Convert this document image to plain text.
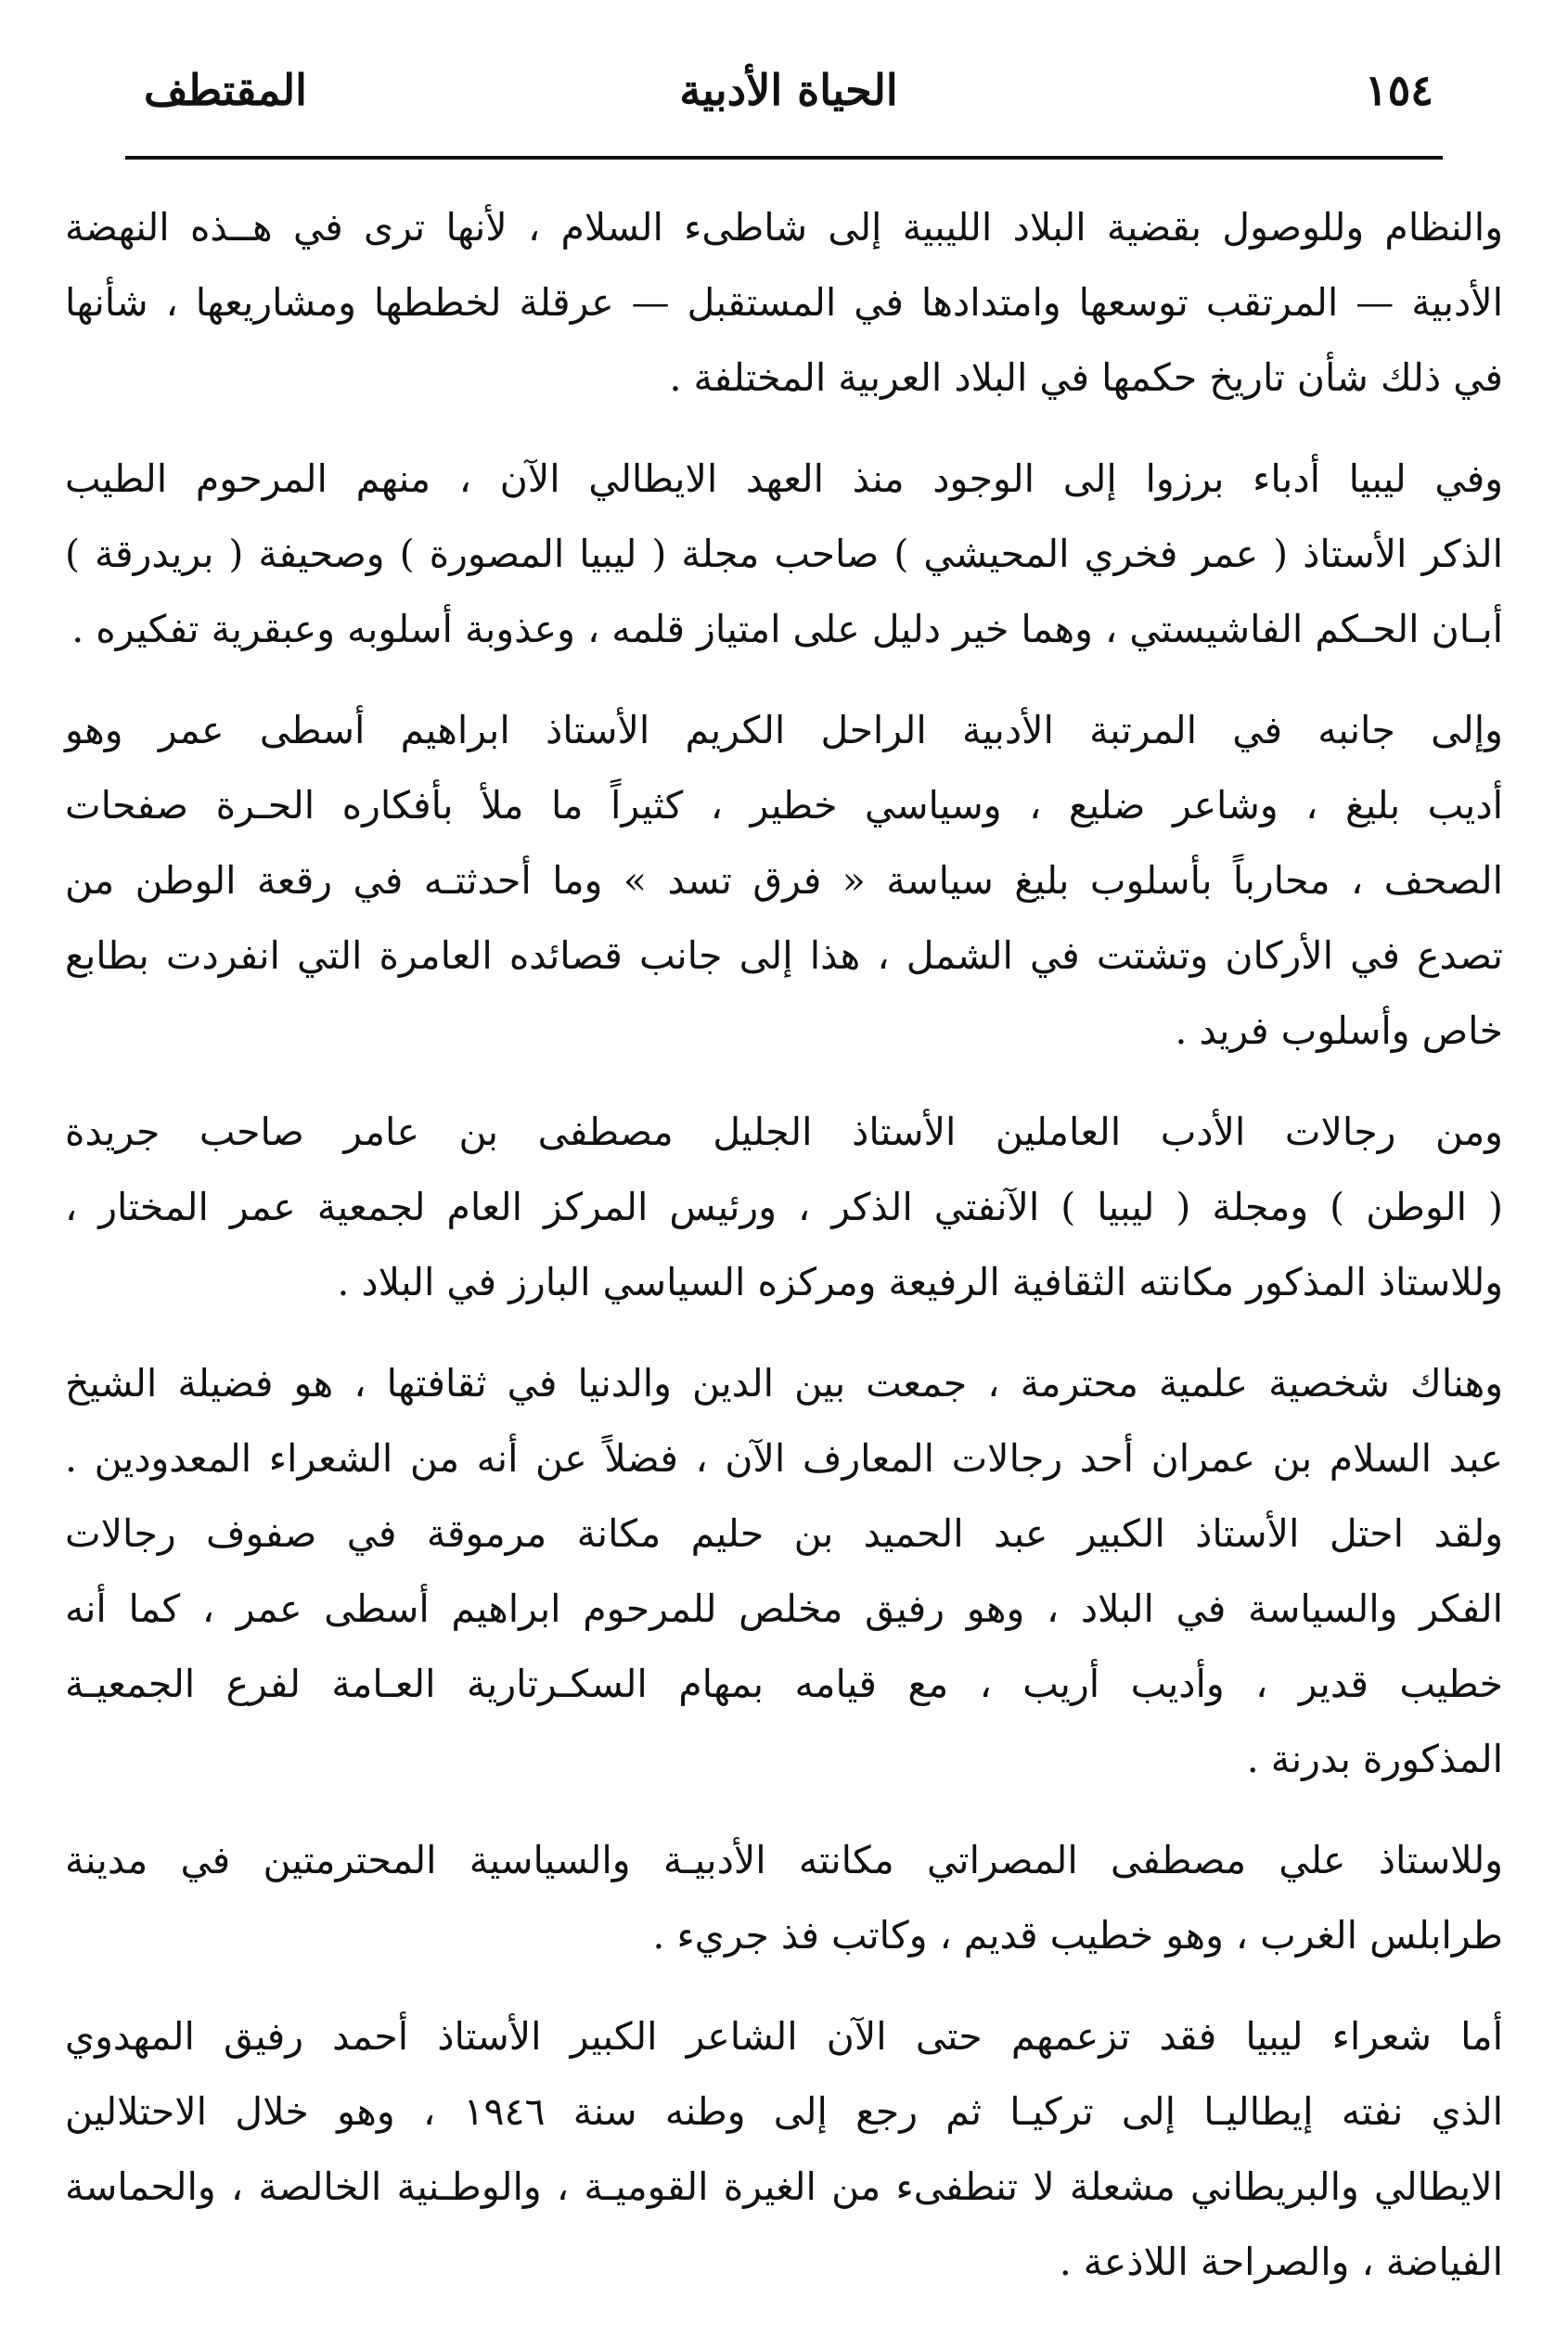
١٥٤
الحياة الأدبية
المقتطف

والنظام وللوصول بقضية البلاد الليبية إلى شاطىء السلام ، لأنها ترى في هــذه النهضة
الأدبية — المرتقب توسعها وامتدادها في المستقبل — عرقلة لخططها ومشاريعها ، شأنها
في ذلك شأن تاريخ حكمها في البلاد العربية المختلفة .

وفي ليبيا أدباء برزوا إلى الوجود منذ العهد الايطالي الآن ، منهم المرحوم الطيب
الذكر الأستاذ ( عمر فخري المحيشي ) صاحب مجلة ( ليبيا المصورة ) وصحيفة ( بريدرقة )
أبـان الحـكم الفاشيستي ، وهما خير دليل على امتياز قلمه ، وعذوبة أسلوبه وعبقرية تفكيره .

وإلى جانبه في المرتبة الأدبية الراحل الكريم الأستاذ ابراهيم أسطى عمر وهو
أديب بليغ ، وشاعر ضليع ، وسياسي خطير ، كثيراً ما ملأ بأفكاره الحـرة صفحات
الصحف ، محارباً بأسلوب بليغ سياسة « فرق تسد » وما أحدثتـه في رقعة الوطن من
تصدع في الأركان وتشتت في الشمل ، هذا إلى جانب قصائده العامرة التي انفردت بطابع
خاص وأسلوب فريد .

ومن رجالات الأدب العاملين الأستاذ الجليل مصطفى بن عامر صاحب جريدة
( الوطن ) ومجلة ( ليبيا ) الآنفتي الذكر ، ورئيس المركز العام لجمعية عمر المختار ،
وللاستاذ المذكور مكانته الثقافية الرفيعة ومركزه السياسي البارز في البلاد .

وهناك شخصية علمية محترمة ، جمعت بين الدين والدنيا في ثقافتها ، هو فضيلة الشيخ
عبد السلام بن عمران أحد رجالات المعارف الآن ، فضلاً عن أنه من الشعراء المعدودين .
ولقد احتل الأستاذ الكبير عبد الحميد بن حليم مكانة مرموقة في صفوف رجالات
الفكر والسياسة في البلاد ، وهو رفيق مخلص للمرحوم ابراهيم أسطى عمر ، كما أنه
خطيب قدير ، وأديب أريب ، مع قيامه بمهام السكـرتارية العـامة لفرع الجمعيـة
المذكورة بدرنة .

وللاستاذ علي مصطفى المصراتي مكانته الأدبيـة والسياسية المحترمتين في مدينة
طرابلس الغرب ، وهو خطيب قديم ، وكاتب فذ جريء .

أما شعراء ليبيا فقد تزعمهم حتى الآن الشاعر الكبير الأستاذ أحمد رفيق المهدوي
الذي نفته إيطاليـا إلى تركيـا ثم رجع إلى وطنه سنة ١٩٤٦ ، وهو خلال الاحتلالين
الايطالي والبريطاني مشعلة لا تنطفىء من الغيرة القوميـة ، والوطـنية الخالصة ، والحماسة
الفياضة ، والصراحة اللاذعة .
